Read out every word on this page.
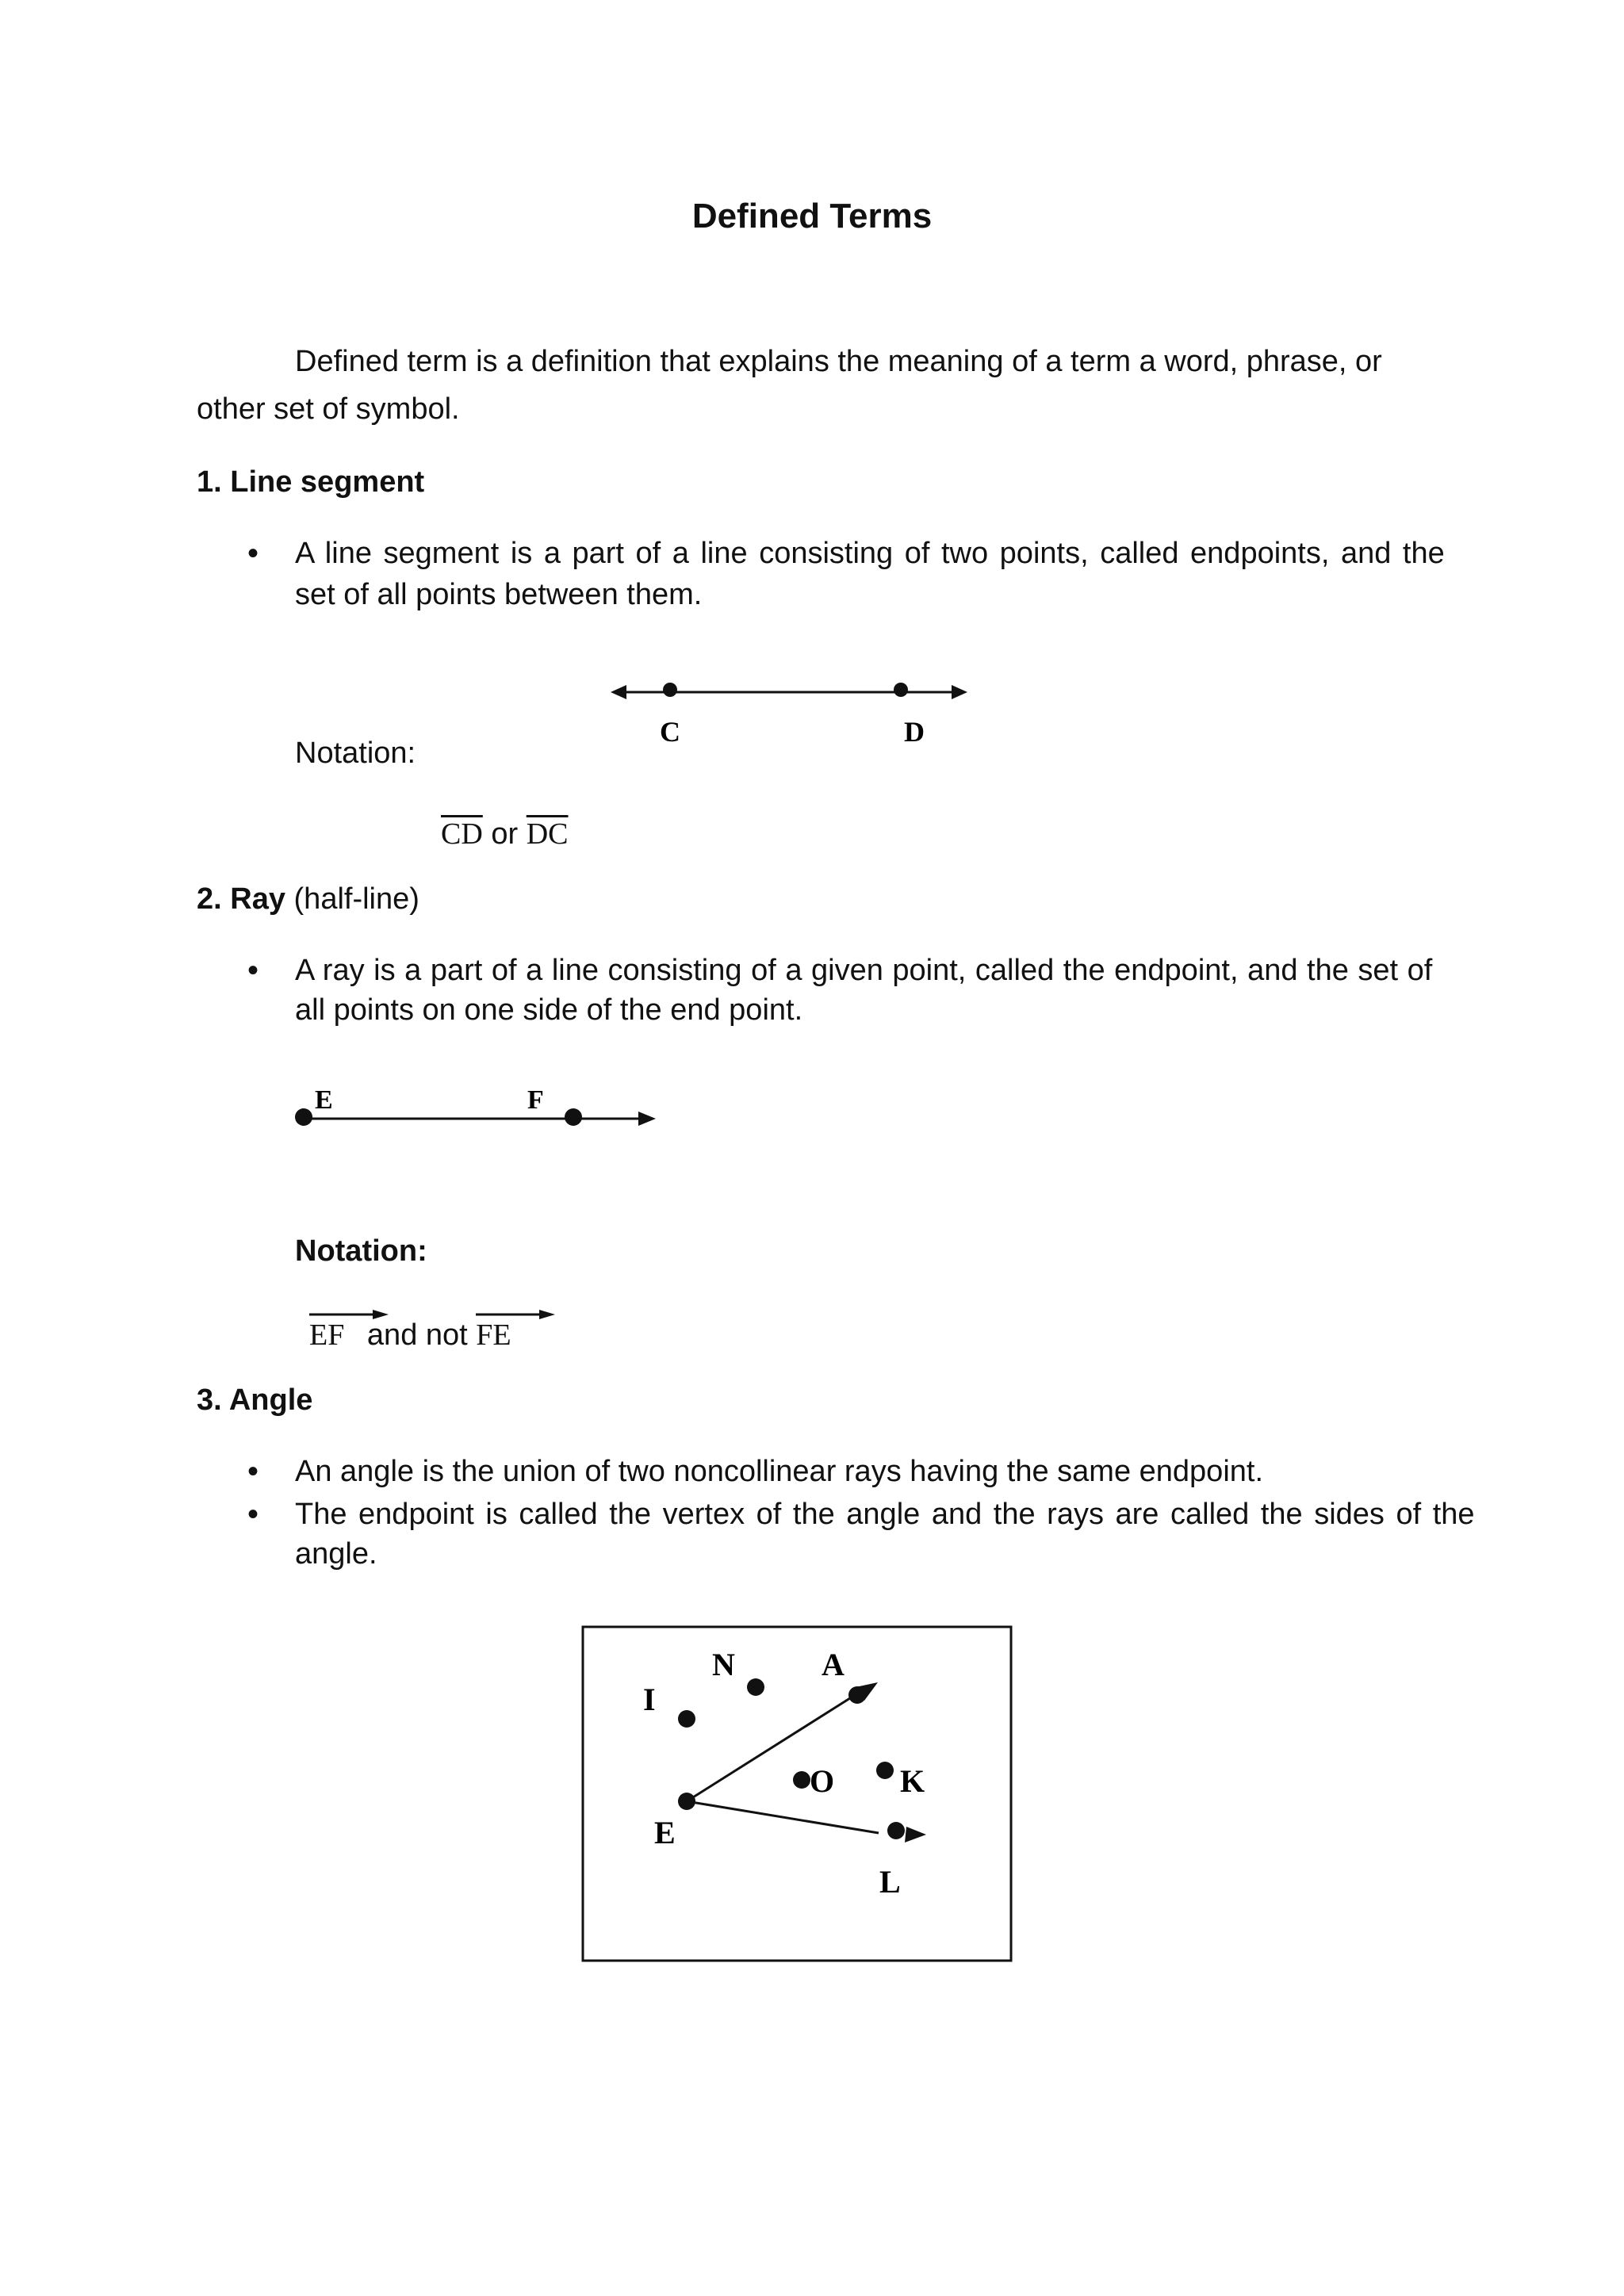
Defined Terms

Defined term is a definition that explains the meaning of a term a word, phrase, or

other set of symbol.

1. Line segment

• A line segment is a part of a line consisting of two points, called endpoints, and the

set of all points between them.

C	D

Notation:

$\overline{CD}$ or $\overline{DC}$

2. Ray (half-line)

• A ray is a part of a line consisting of a given point, called the endpoint, and the set of

all points on one side of the end point.

E	F

Notation:

EF and not FE

3. Angle

• An angle is the union of two noncollinear rays having the same endpoint.

• The endpoint is called the vertex of the angle and the rays are called the sides of the

angle.

I
N	A
O K
E
L
